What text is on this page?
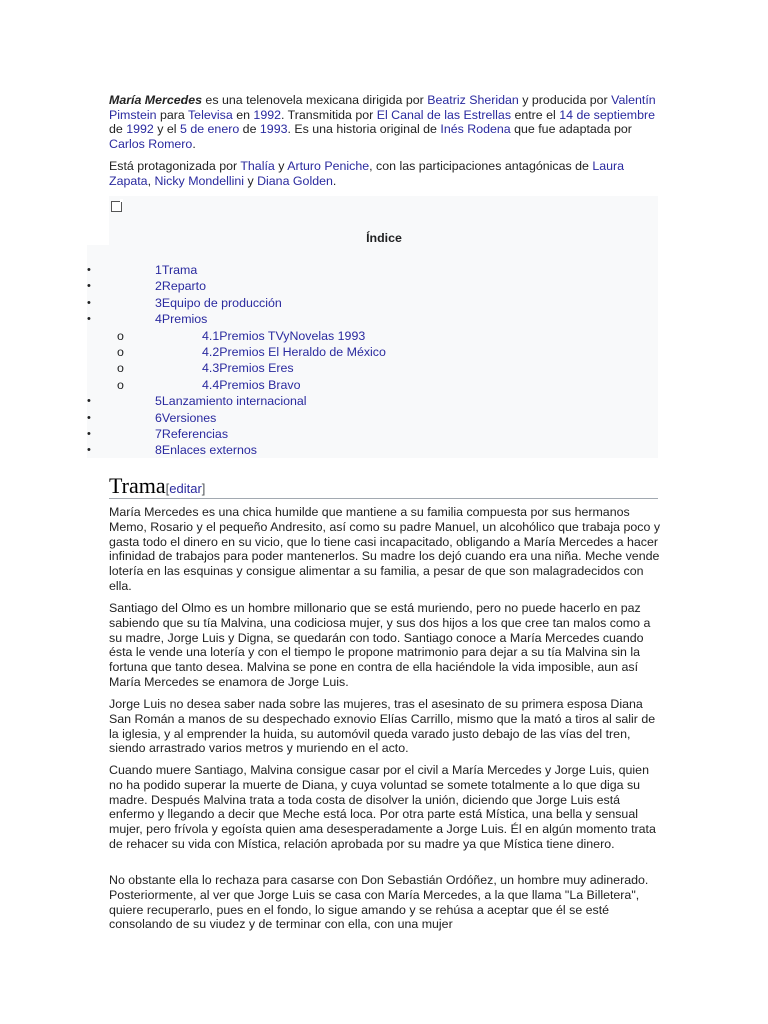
María Mercedes es una telenovela mexicana dirigida por Beatriz Sheridan y producida por Valentín Pimstein para Televisa en 1992. Transmitida por El Canal de las Estrellas entre el 14 de septiembre de 1992 y el 5 de enero de 1993. Es una historia original de Inés Rodena que fue adaptada por Carlos Romero.

Está protagonizada por Thalía y Arturo Peniche, con las participaciones antagónicas de Laura Zapata, Nicky Mondellini y Diana Golden.

Índice
•	1Trama
•	2Reparto
•	3Equipo de producción
•	4Premios
o	4.1Premios TVyNovelas 1993
o	4.2Premios El Heraldo de México
o	4.3Premios Eres
o	4.4Premios Bravo
•	5Lanzamiento internacional
•	6Versiones
•	7Referencias
•	8Enlaces externos
Trama[editar]

María Mercedes es una chica humilde que mantiene a su familia compuesta por sus hermanos Memo, Rosario y el pequeño Andresito, así como su padre Manuel, un alcohólico que trabaja poco y gasta todo el dinero en su vicio, que lo tiene casi incapacitado, obligando a María Mercedes a hacer infinidad de trabajos para poder mantenerlos. Su madre los dejó cuando era una niña. Meche vende lotería en las esquinas y consigue alimentar a su familia, a pesar de que son malagradecidos con ella.

Santiago del Olmo es un hombre millonario que se está muriendo, pero no puede hacerlo en paz sabiendo que su tía Malvina, una codiciosa mujer, y sus dos hijos a los que cree tan malos como a su madre, Jorge Luis y Digna, se quedarán con todo. Santiago conoce a María Mercedes cuando ésta le vende una lotería y con el tiempo le propone matrimonio para dejar a su tía Malvina sin la fortuna que tanto desea. Malvina se pone en contra de ella haciéndole la vida imposible, aun así María Mercedes se enamora de Jorge Luis.

Jorge Luis no desea saber nada sobre las mujeres, tras el asesinato de su primera esposa Diana San Román a manos de su despechado exnovio Elías Carrillo, mismo que la mató a tiros al salir de la iglesia, y al emprender la huida, su automóvil queda varado justo debajo de las vías del tren, siendo arrastrado varios metros y muriendo en el acto.

Cuando muere Santiago, Malvina consigue casar por el civil a María Mercedes y Jorge Luis, quien no ha podido superar la muerte de Diana, y cuya voluntad se somete totalmente a lo que diga su madre. Después Malvina trata a toda costa de disolver la unión, diciendo que Jorge Luis está enfermo y llegando a decir que Meche está loca. Por otra parte está Mística, una bella y sensual mujer, pero frívola y egoísta quien ama desesperadamente a Jorge Luis. Él en algún momento trata de rehacer su vida con Mística, relación aprobada por su madre ya que Mística tiene dinero.

No obstante ella lo rechaza para casarse con Don Sebastián Ordóñez, un hombre muy adinerado. Posteriormente, al ver que Jorge Luis se casa con María Mercedes, a la que llama "La Billetera", quiere recuperarlo, pues en el fondo, lo sigue amando y se rehúsa a aceptar que él se esté consolando de su viudez y de terminar con ella, con una mujer
